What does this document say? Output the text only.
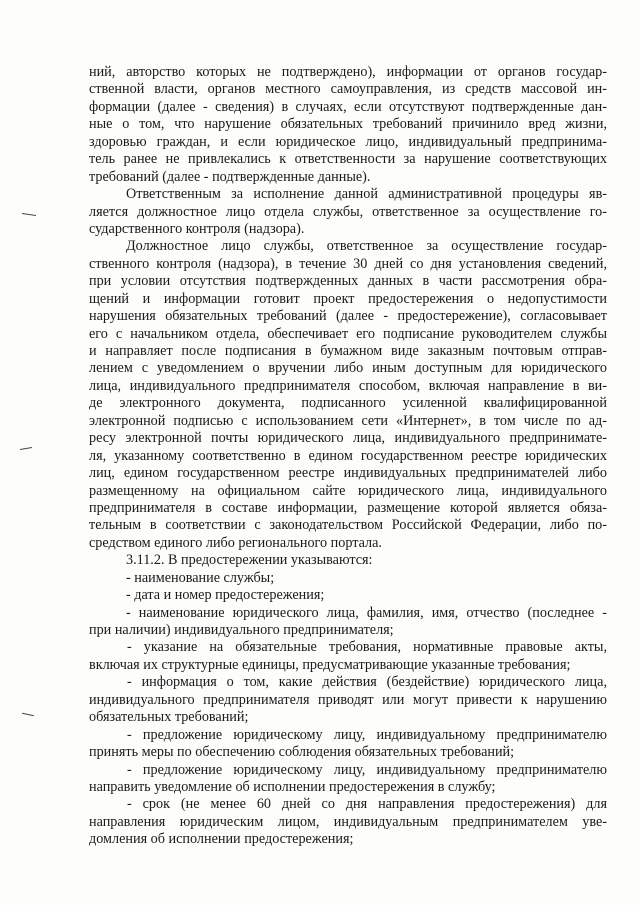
ний, авторство которых не подтверждено), информации от органов государ-
ственной власти, органов местного самоуправления, из средств массовой ин-
формации (далее - сведения) в случаях, если отсутствуют подтвержденные дан-
ные о том, что нарушение обязательных требований причинило вред жизни,
здоровью граждан, и если юридическое лицо, индивидуальный предпринима-
тель ранее не привлекались к ответственности за нарушение соответствующих
требований (далее - подтвержденные данные).
Ответственным за исполнение данной административной процедуры яв-
ляется должностное лицо отдела службы, ответственное за осуществление го-
сударственного контроля (надзора).
Должностное лицо службы, ответственное за осуществление государ-
ственного контроля (надзора), в течение 30 дней со дня установления сведений,
при условии отсутствия подтвержденных данных в части рассмотрения обра-
щений и информации готовит проект предостережения о недопустимости
нарушения обязательных требований (далее - предостережение), согласовывает
его с начальником отдела, обеспечивает его подписание руководителем службы
и направляет после подписания в бумажном виде заказным почтовым отправ-
лением с уведомлением о вручении либо иным доступным для юридического
лица, индивидуального предпринимателя способом, включая направление в ви-
де электронного документа, подписанного усиленной квалифицированной
электронной подписью с использованием сети «Интернет», в том числе по ад-
ресу электронной почты юридического лица, индивидуального предпринимате-
ля, указанному соответственно в едином государственном реестре юридических
лиц, едином государственном реестре индивидуальных предпринимателей либо
размещенному на официальном сайте юридического лица, индивидуального
предпринимателя в составе информации, размещение которой является обяза-
тельным в соответствии с законодательством Российской Федерации, либо по-
средством единого либо регионального портала.
3.11.2. В предостережении указываются:
- наименование службы;
- дата и номер предостережения;
- наименование юридического лица, фамилия, имя, отчество (последнее -
при наличии) индивидуального предпринимателя;
- указание на обязательные требования, нормативные правовые акты,
включая их структурные единицы, предусматривающие указанные требования;
- информация о том, какие действия (бездействие) юридического лица,
индивидуального предпринимателя приводят или могут привести к нарушению
обязательных требований;
- предложение юридическому лицу, индивидуальному предпринимателю
принять меры по обеспечению соблюдения обязательных требований;
- предложение юридическому лицу, индивидуальному предпринимателю
направить уведомление об исполнении предостережения в службу;
- срок (не менее 60 дней со дня направления предостережения) для
направления юридическим лицом, индивидуальным предпринимателем уве-
домления об исполнении предостережения;
